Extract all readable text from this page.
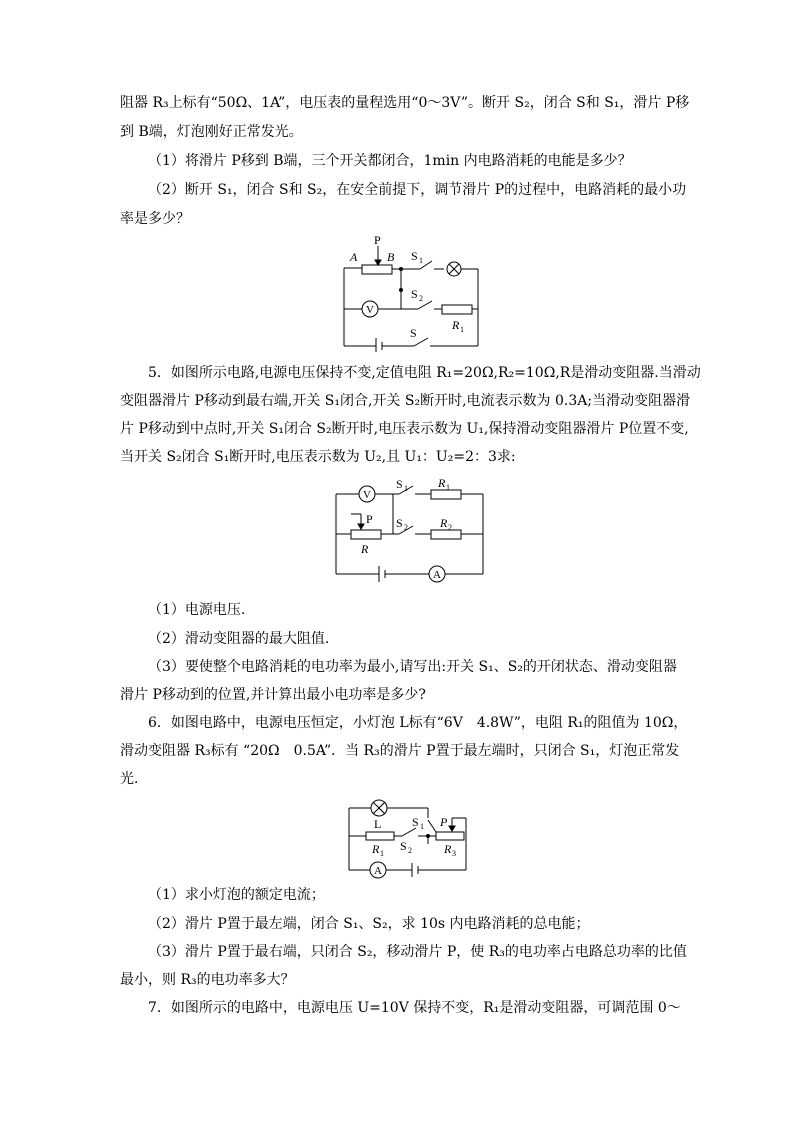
阻器 R₃上标有“50Ω、1A”，电压表的量程选用“0～3V”。断开 S₂，闭合 S和 S₁，滑片 P移
到 B端，灯泡刚好正常发光。
（1）将滑片 P移到 B端，三个开关都闭合，1min 内电路消耗的电能是多少？
（2）断开 S₁，闭合 S和 S₂，在安全前提下，调节滑片 P的过程中，电路消耗的最小功
率是多少？
P
A B S 1
S 2
R 1
V
S
5．如图所示电路,电源电压保持不变,定值电阻 R₁=20Ω,R₂=10Ω,R是滑动变阻器.当滑动
变阻器滑片 P移动到最右端,开关 S₁闭合,开关 S₂断开时,电流表示数为 0.3A;当滑动变阻器滑
片 P移动到中点时,开关 S₁闭合 S₂断开时,电压表示数为 U₁,保持滑动变阻器滑片 P位置不变,
当开关 S₂闭合 S₁断开时,电压表示数为 U₂,且 U₁：U₂=2：3求:
V
S 1	R 1
P S 2	R 2
R
A
（1）电源电压.
（2）滑动变阻器的最大阻值.
（3）要使整个电路消耗的电功率为最小,请写出:开关 S₁、S₂的开闭状态、滑动变阻器
滑片 P移动到的位置,并计算出最小电功率是多少?
6．如图电路中，电源电压恒定，小灯泡 L标有“6V　4.8W”，电阻 R₁的阻值为 10Ω，
滑动变阻器 R₃标有 “20Ω　0.5A”．当 R₃的滑片 P置于最左端时，只闭合 S₁，灯泡正常发
光．
L	S 1 P
R 1
S 2	R 3
A
（1）求小灯泡的额定电流；
（2）滑片 P置于最左端，闭合 S₁、S₂，求 10s 内电路消耗的总电能；
（3）滑片 P置于最右端，只闭合 S₂，移动滑片 P，使 R₃的电功率占电路总功率的比值
最小，则 R₃的电功率多大？
7．如图所示的电路中，电源电压 U=10V 保持不变，R₁是滑动变阻器，可调范围 0～
